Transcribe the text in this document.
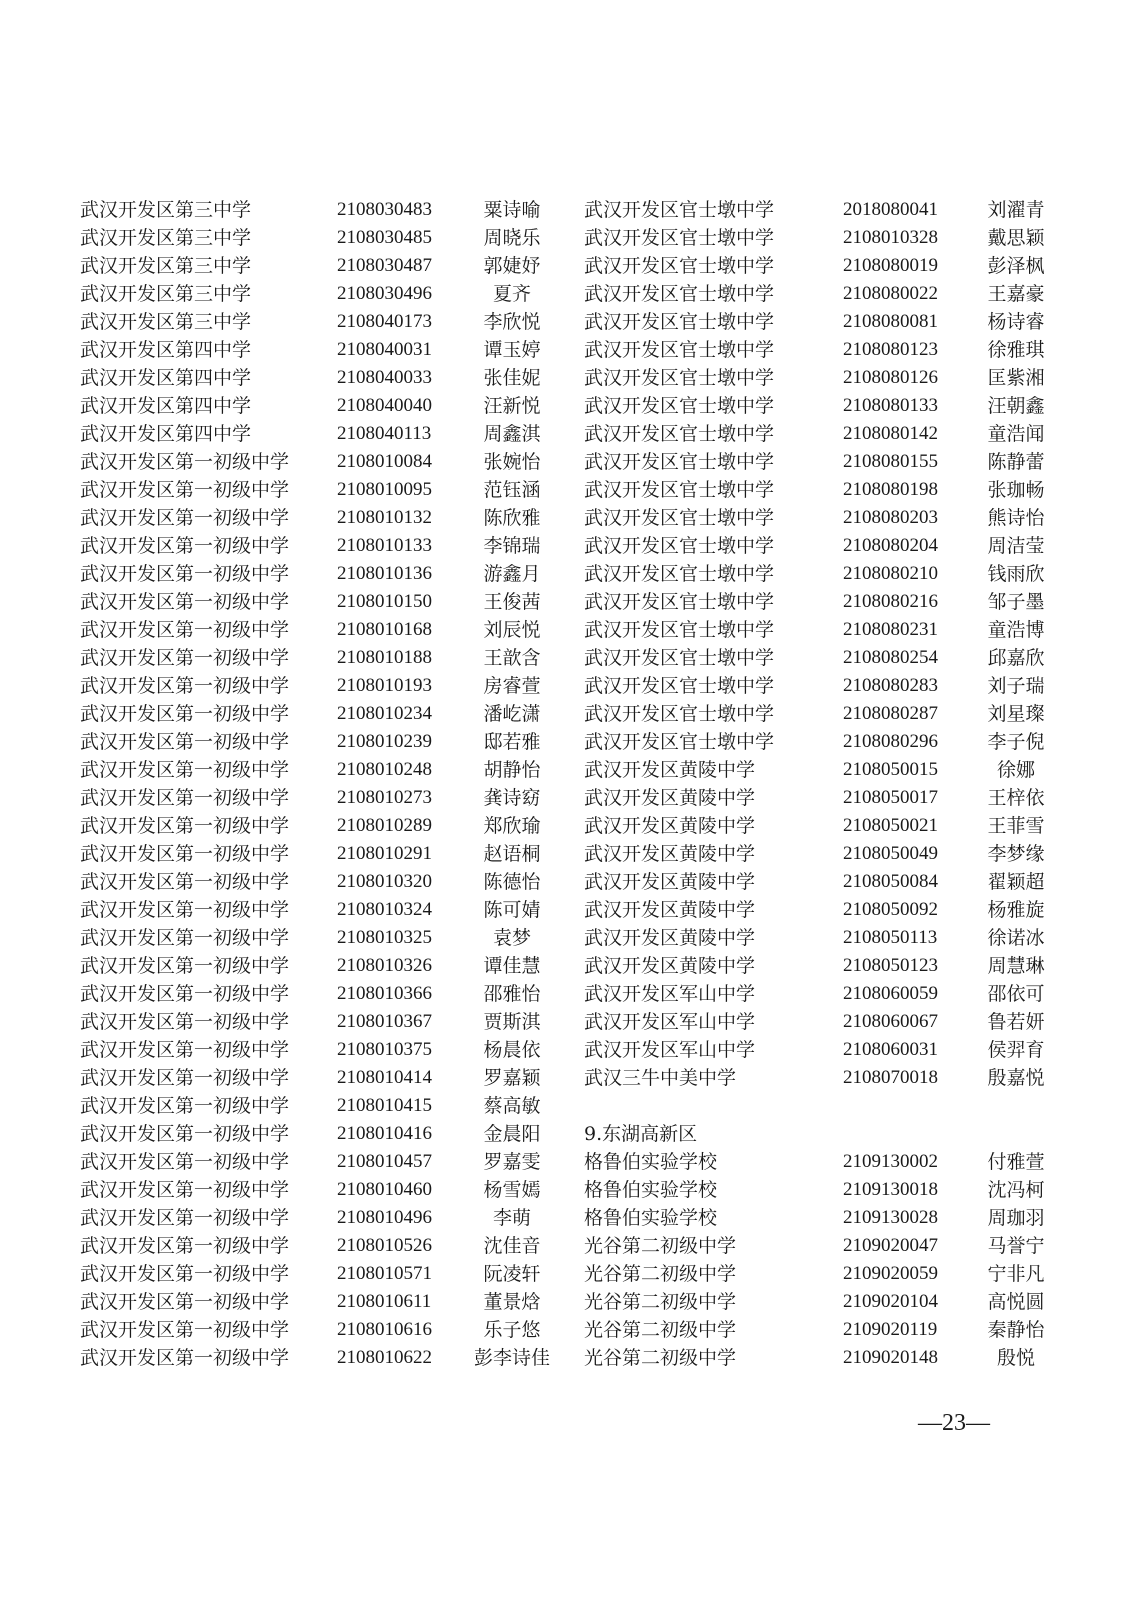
武汉开发区第三中学	2108030483	粟诗喻
武汉开发区第三中学	2108030485	周晓乐
武汉开发区第三中学	2108030487	郭婕妤
武汉开发区第三中学	2108030496	夏齐
武汉开发区第三中学	2108040173	李欣悦
武汉开发区第四中学	2108040031	谭玉婷
武汉开发区第四中学	2108040033	张佳妮
武汉开发区第四中学	2108040040	汪新悦
武汉开发区第四中学	2108040113	周鑫淇
武汉开发区第一初级中学	2108010084	张婉怡
武汉开发区第一初级中学	2108010095	范钰涵
武汉开发区第一初级中学	2108010132	陈欣雅
武汉开发区第一初级中学	2108010133	李锦瑞
武汉开发区第一初级中学	2108010136	游鑫月
武汉开发区第一初级中学	2108010150	王俊茜
武汉开发区第一初级中学	2108010168	刘辰悦
武汉开发区第一初级中学	2108010188	王歆含
武汉开发区第一初级中学	2108010193	房睿萱
武汉开发区第一初级中学	2108010234	潘屹潇
武汉开发区第一初级中学	2108010239	邸若雅
武汉开发区第一初级中学	2108010248	胡静怡
武汉开发区第一初级中学	2108010273	龚诗窈
武汉开发区第一初级中学	2108010289	郑欣瑜
武汉开发区第一初级中学	2108010291	赵语桐
武汉开发区第一初级中学	2108010320	陈德怡
武汉开发区第一初级中学	2108010324	陈可婧
武汉开发区第一初级中学	2108010325	袁梦
武汉开发区第一初级中学	2108010326	谭佳慧
武汉开发区第一初级中学	2108010366	邵雅怡
武汉开发区第一初级中学	2108010367	贾斯淇
武汉开发区第一初级中学	2108010375	杨晨依
武汉开发区第一初级中学	2108010414	罗嘉颖
武汉开发区第一初级中学	2108010415	蔡高敏
武汉开发区第一初级中学	2108010416	金晨阳
武汉开发区第一初级中学	2108010457	罗嘉雯
武汉开发区第一初级中学	2108010460	杨雪嫣
武汉开发区第一初级中学	2108010496	李萌
武汉开发区第一初级中学	2108010526	沈佳音
武汉开发区第一初级中学	2108010571	阮凌轩
武汉开发区第一初级中学	2108010611	董景焓
武汉开发区第一初级中学	2108010616	乐子悠
武汉开发区第一初级中学	2108010622 彭李诗佳
武汉开发区官士墩中学	2018080041	刘濯青
武汉开发区官士墩中学	2108010328	戴思颖
武汉开发区官士墩中学	2108080019	彭泽枫
武汉开发区官士墩中学	2108080022	王嘉豪
武汉开发区官士墩中学	2108080081	杨诗睿
武汉开发区官士墩中学	2108080123	徐雅琪
武汉开发区官士墩中学	2108080126	匡紫湘
武汉开发区官士墩中学	2108080133	汪朝鑫
武汉开发区官士墩中学	2108080142	童浩闻
武汉开发区官士墩中学	2108080155	陈静蕾
武汉开发区官士墩中学	2108080198	张珈畅
武汉开发区官士墩中学	2108080203	熊诗怡
武汉开发区官士墩中学	2108080204	周洁莹
武汉开发区官士墩中学	2108080210	钱雨欣
武汉开发区官士墩中学	2108080216	邹子墨
武汉开发区官士墩中学	2108080231	童浩博
武汉开发区官士墩中学	2108080254	邱嘉欣
武汉开发区官士墩中学	2108080283	刘子瑞
武汉开发区官士墩中学	2108080287	刘星璨
武汉开发区官士墩中学	2108080296	李子倪
武汉开发区黄陵中学	2108050015	徐娜
武汉开发区黄陵中学	2108050017	王梓依
武汉开发区黄陵中学	2108050021	王菲雪
武汉开发区黄陵中学	2108050049	李梦缘
武汉开发区黄陵中学	2108050084	翟颖超
武汉开发区黄陵中学	2108050092	杨雅旋
武汉开发区黄陵中学	2108050113	徐诺冰
武汉开发区黄陵中学	2108050123	周慧琳
武汉开发区军山中学	2108060059	邵依可
武汉开发区军山中学	2108060067	鲁若妍
武汉开发区军山中学	2108060031	侯羿育
武汉三牛中美中学	2108070018	殷嘉悦
9.东湖高新区
格鲁伯实验学校	2109130002	付雅萱
格鲁伯实验学校	2109130018	沈冯柯
格鲁伯实验学校	2109130028	周珈羽
光谷第二初级中学	2109020047	马誉宁
光谷第二初级中学	2109020059	宁非凡
光谷第二初级中学	2109020104	高悦圆
光谷第二初级中学	2109020119	秦静怡
光谷第二初级中学	2109020148	殷悦
—23—
